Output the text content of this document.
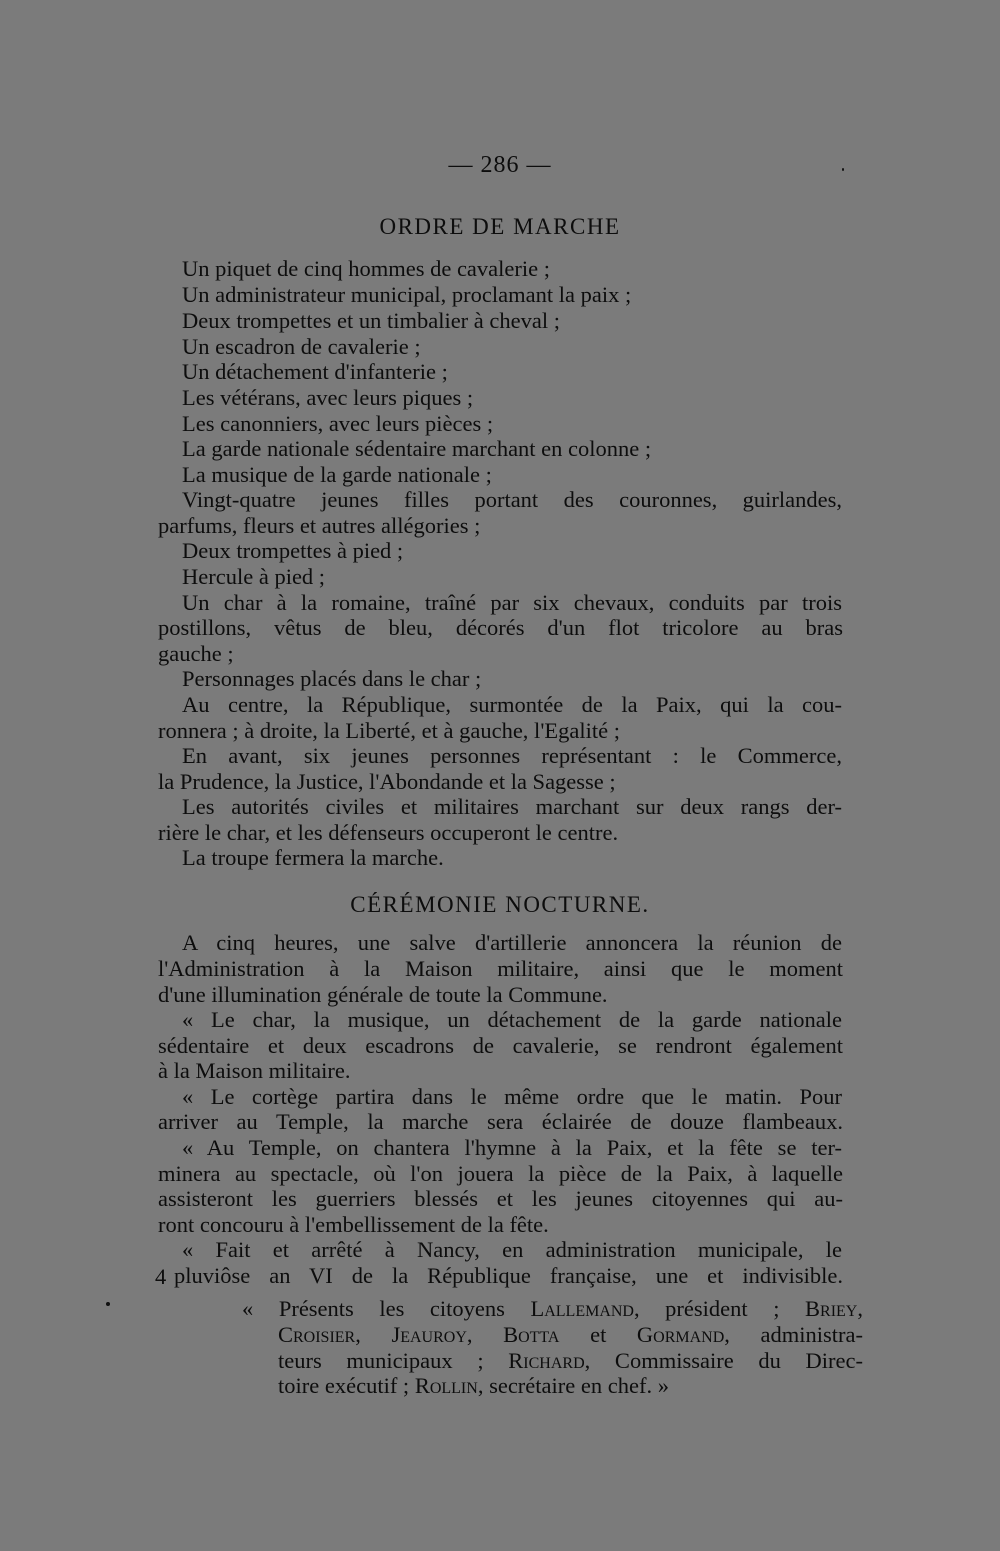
— 286 —
ORDRE DE MARCHE
Un piquet de cinq hommes de cavalerie ;
Un administrateur municipal, proclamant la paix ;
Deux trompettes et un timbalier à cheval ;
Un escadron de cavalerie ;
Un détachement d'infanterie ;
Les vétérans, avec leurs piques ;
Les canonniers, avec leurs pièces ;
La garde nationale sédentaire marchant en colonne ;
La musique de la garde nationale ;
Vingt-quatre jeunes filles portant des couronnes, guirlandes,
parfums, fleurs et autres allégories ;
Deux trompettes à pied ;
Hercule à pied ;
Un char à la romaine, traîné par six chevaux, conduits par trois
postillons, vêtus de bleu, décorés d'un flot tricolore au bras
gauche ;
Personnages placés dans le char ;
Au centre, la République, surmontée de la Paix, qui la cou-
ronnera ; à droite, la Liberté, et à gauche, l'Egalité ;
En avant, six jeunes personnes représentant : le Commerce,
la Prudence, la Justice, l'Abondande et la Sagesse ;
Les autorités civiles et militaires marchant sur deux rangs der-
rière le char, et les défenseurs occuperont le centre.
La troupe fermera la marche.
CÉRÉMONIE NOCTURNE.

A cinq heures, une salve d'artillerie annoncera la réunion de

l'Administration à la Maison militaire, ainsi que le moment

d'une illumination générale de toute la Commune.

« Le char, la musique, un détachement de la garde nationale

sédentaire et deux escadrons de cavalerie, se rendront également

à la Maison militaire.

« Le cortège partira dans le même ordre que le matin. Pour

arriver au Temple, la marche sera éclairée de douze flambeaux.

« Au Temple, on chantera l'hymne à la Paix, et la fête se ter-

minera au spectacle, où l'on jouera la pièce de la Paix, à laquelle

assisteront les guerriers blessés et les jeunes citoyennes qui au-

ront concouru à l'embellissement de la fête.

« Fait et arrêté à Nancy, en administration municipale, le

pluviôse an VI de la République française, une et indivisible.

4

« Présents les citoyens Lallemand, président ; Briey,

Croisier, Jeauroy, Botta et Gormand, administra-

teurs municipaux ; Richard, Commissaire du Direc-

toire exécutif ; Rollin, secrétaire en chef. »
